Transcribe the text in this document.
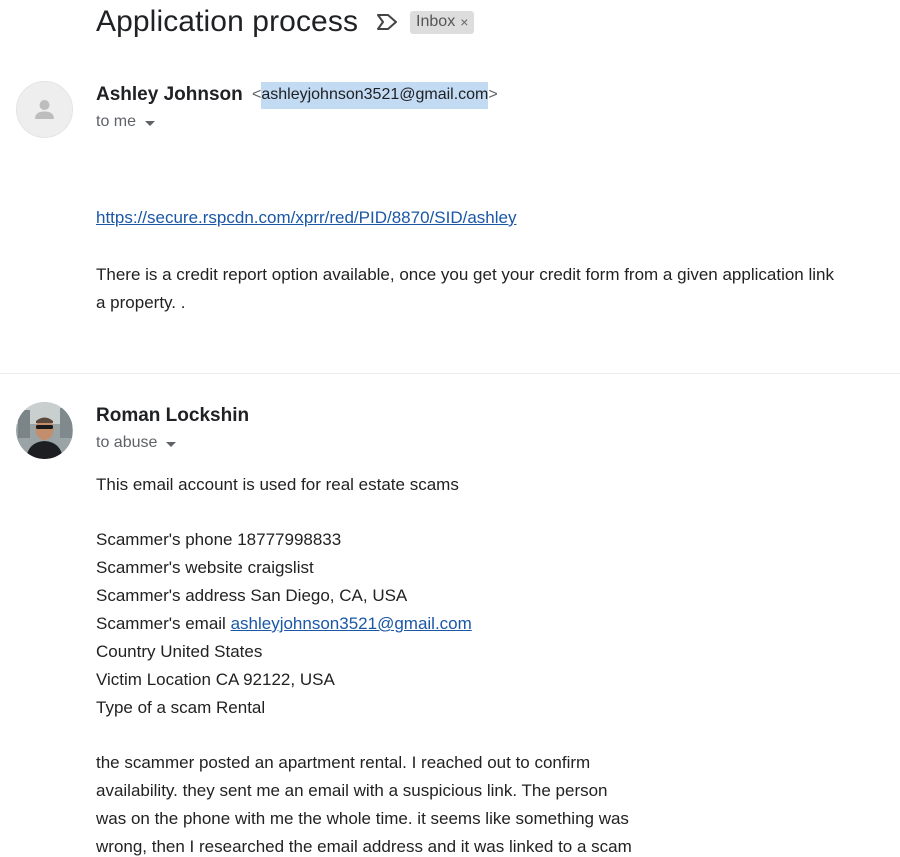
Application process	Inbox ×
Ashley Johnson <ashleyjohnson3521@gmail.com>
to me
https://secure.rspcdn.com/xprr/red/PID/8870/SID/ashley
There is a credit report option available, once you get your credit form from a given application link
a property. .
Roman Lockshin
to abuse
This email account is used for real estate scams
Scammer's phone 18777998833
Scammer's website craigslist
Scammer's address San Diego, CA, USA
Scammer's email ashleyjohnson3521@gmail.com
Country United States
Victim Location CA 92122, USA
Type of a scam Rental
the scammer posted an apartment rental. I reached out to confirm
availability. they sent me an email with a suspicious link. The person
was on the phone with me the whole time. it seems like something was
wrong, then I researched the email address and it was linked to a scam
